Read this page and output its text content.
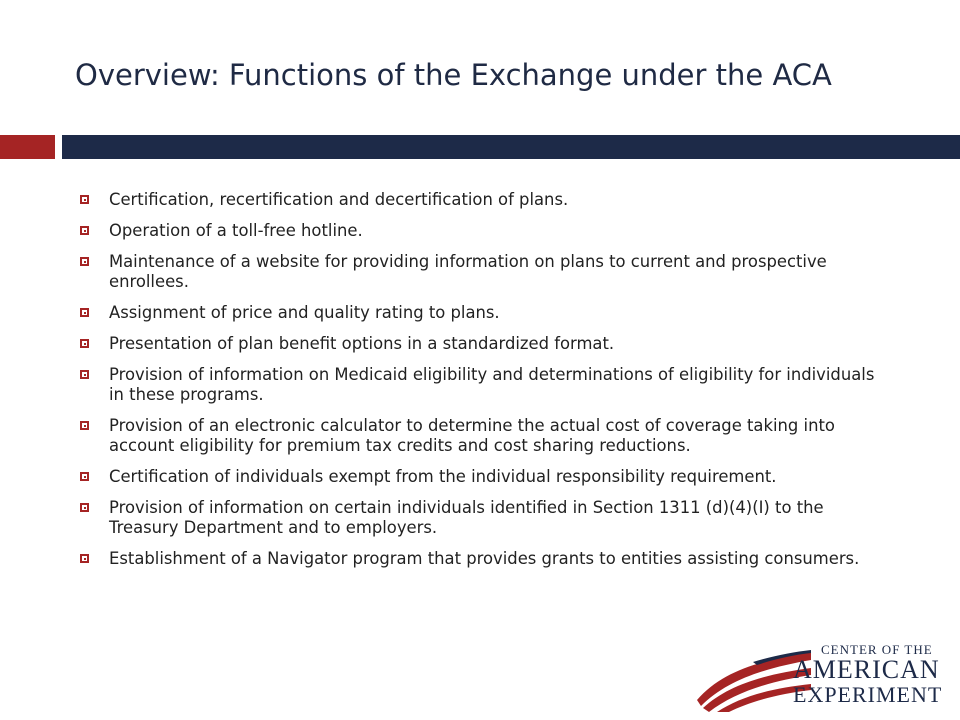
Overview: Functions of the Exchange under the ACA
Certification, recertification and decertification of plans.
Operation of a toll-free hotline.
Maintenance of a website for providing information on plans to current and prospective enrollees.
Assignment of price and quality rating to plans.
Presentation of plan benefit options in a standardized format.
Provision of information on Medicaid eligibility and determinations of eligibility for individuals in these programs.
Provision of an electronic calculator to determine the actual cost of coverage taking into account eligibility for premium tax credits and cost sharing reductions.
Certification of individuals exempt from the individual responsibility requirement.
Provision of information on certain individuals identified in Section 1311 (d)(4)(I) to the Treasury Department and to employers.
Establishment of a Navigator program that provides grants to entities assisting consumers.
CENTER OF THE
AMERICAN
EXPERIMENT
